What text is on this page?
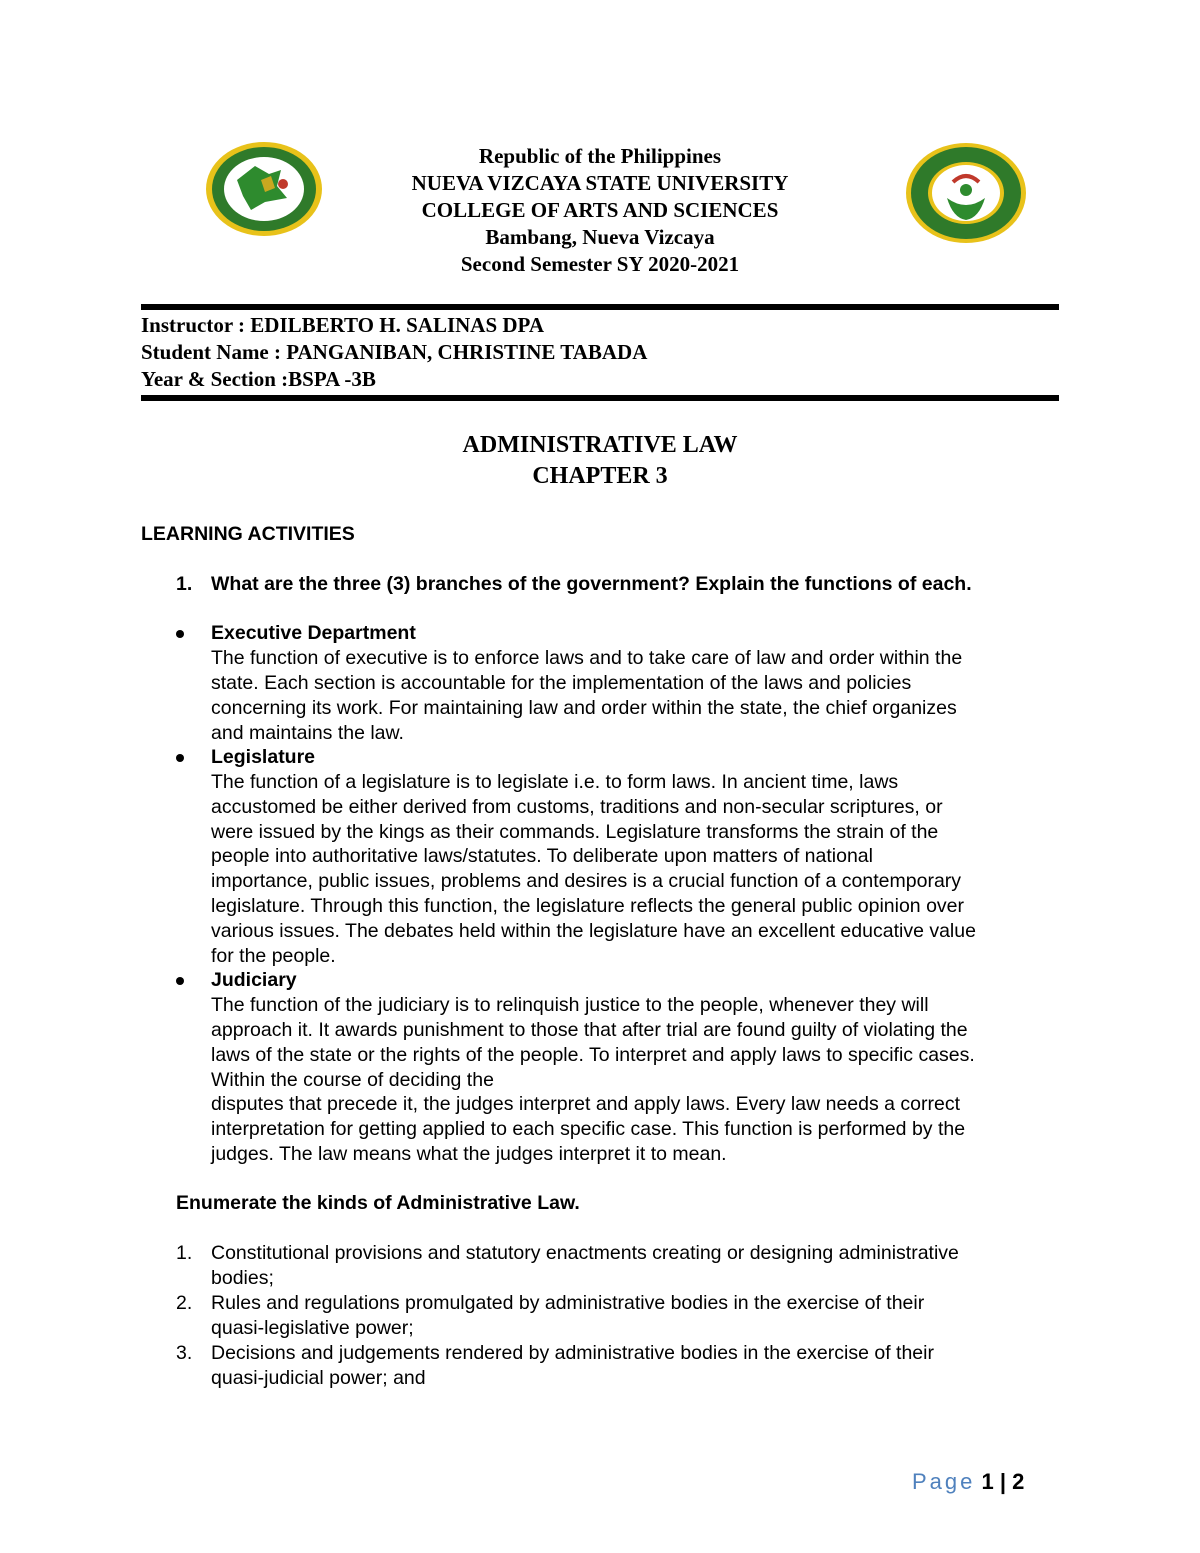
Republic of the Philippines
NUEVA VIZCAYA STATE UNIVERSITY
COLLEGE OF ARTS AND SCIENCES
Bambang, Nueva Vizcaya
Second Semester SY 2020-2021
Instructor : EDILBERTO H. SALINAS DPA
Student Name : PANGANIBAN, CHRISTINE TABADA
Year & Section :BSPA -3B
ADMINISTRATIVE LAW
CHAPTER 3
LEARNING ACTIVITIES
1. What are the three (3) branches of the government? Explain the functions of each.
Executive Department
The function of executive is to enforce laws and to take care of law and order within the
state. Each section is accountable for the implementation of the laws and policies
concerning its work. For maintaining law and order within the state, the chief organizes
and maintains the law.
Legislature
The function of a legislature is to legislate i.e. to form laws. In ancient time, laws
accustomed be either derived from customs, traditions and non-secular scriptures, or
were issued by the kings as their commands. Legislature transforms the strain of the
people into authoritative laws/statutes. To deliberate upon matters of national
importance, public issues, problems and desires is a crucial function of a contemporary
legislature. Through this function, the legislature reflects the general public opinion over
various issues. The debates held within the legislature have an excellent educative value
for the people.
Judiciary
The function of the judiciary is to relinquish justice to the people, whenever they will
approach it. It awards punishment to those that after trial are found guilty of violating the
laws of the state or the rights of the people. To interpret and apply laws to specific cases.
Within the course of deciding the
disputes that precede it, the judges interpret and apply laws. Every law needs a correct
interpretation for getting applied to each specific case. This function is performed by the
judges. The law means what the judges interpret it to mean.
Enumerate the kinds of Administrative Law.
1. Constitutional provisions and statutory enactments creating or designing administrative
bodies;
2. Rules and regulations promulgated by administrative bodies in the exercise of their
quasi-legislative power;
3. Decisions and judgements rendered by administrative bodies in the exercise of their
quasi-judicial power; and
Page 1 | 2
